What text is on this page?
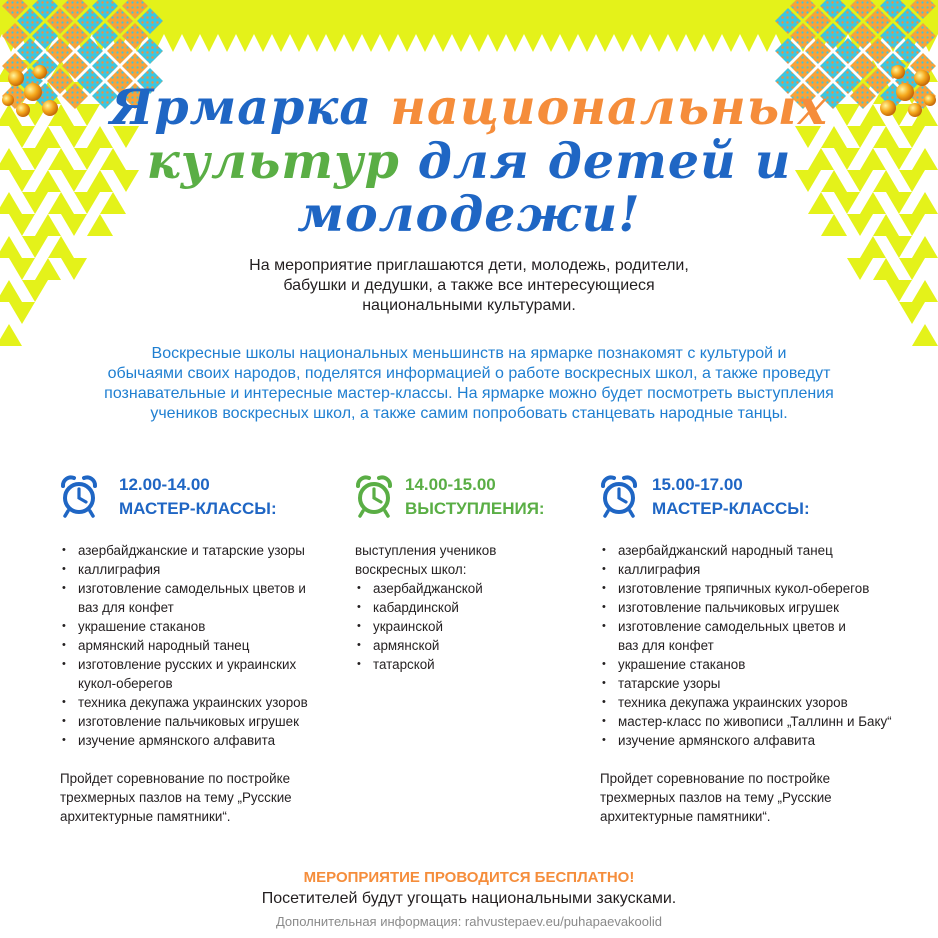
Ярмарка национальных
культур для детей и
молодежи!
На мероприятие приглашаются дети, молодежь, родители,
бабушки и дедушки, а также все интересующиеся
национальными культурами.
Воскресные школы национальных меньшинств на ярмарке познакомят с культурой и
обычаями своих народов, поделятся информацией о работе воскресных школ, а также проведут
познавательные и интересные мастер-классы. На ярмарке можно будет посмотреть выступления
учеников воскресных школ, а также самим попробовать станцевать народные танцы.
12.00-14.00
МАСТЕР-КЛАССЫ:
• азербайджанские и татарские узоры
• каллиграфия
• изготовление самодельных цветов и
ваз для конфет
• украшение стаканов
• армянский народный танец
• изготовление русских и украинских
кукол-оберегов
• техника декупажа украинских узоров
• изготовление пальчиковых игрушек
• изучение армянского алфавита
Пройдет соревнование по постройке
трехмерных пазлов на тему „Русские
архитектурные памятники“.
14.00-15.00
ВЫСТУПЛЕНИЯ:
выступления учеников
воскресных школ:
• азербайджанской
• кабардинской
• украинской
• армянской
• татарской
15.00-17.00
МАСТЕР-КЛАССЫ:
• азербайджанский народный танец
• каллиграфия
• изготовление тряпичных кукол-оберегов
• изготовление пальчиковых игрушек
• изготовление самодельных цветов и
ваз для конфет
• украшение стаканов
• татарские узоры
• техника декупажа украинских узоров
• мастер-класс по живописи „Таллинн и Баку“
• изучение армянского алфавита
Пройдет соревнование по постройке
трехмерных пазлов на тему „Русские
архитектурные памятники“.
МЕРОПРИЯТИЕ ПРОВОДИТСЯ БЕСПЛАТНО!
Посетителей будут угощать национальными закусками.
Дополнительная информация: rahvustepaev.eu/puhapaevakoolid
